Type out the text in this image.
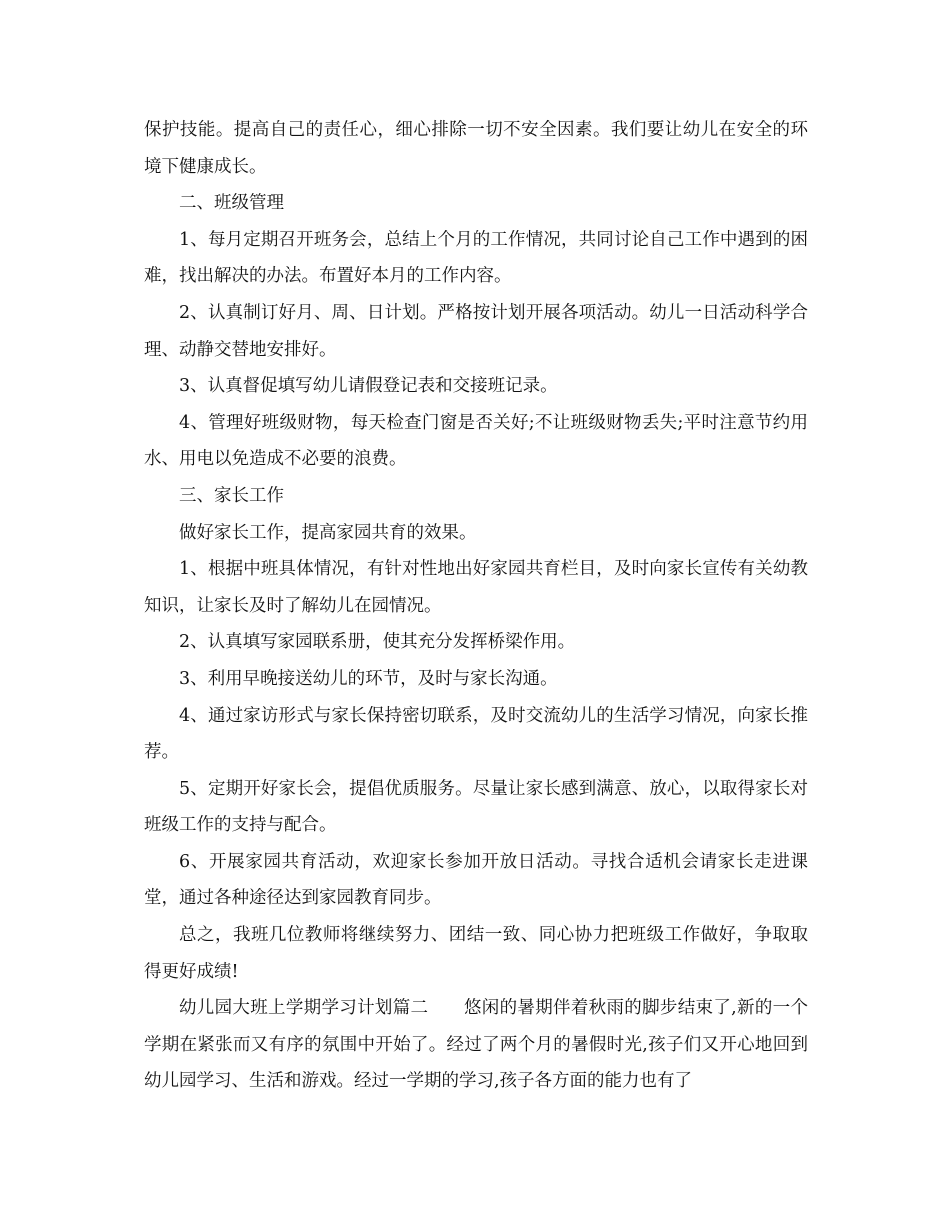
保护技能。提高自己的责任心，细心排除一切不安全因素。我们要让幼儿在安全的环境下健康成长。

二、班级管理

1、每月定期召开班务会，总结上个月的工作情况，共同讨论自己工作中遇到的困难，找出解决的办法。布置好本月的工作内容。

2、认真制订好月、周、日计划。严格按计划开展各项活动。幼儿一日活动科学合理、动静交替地安排好。

3、认真督促填写幼儿请假登记表和交接班记录。

4、管理好班级财物，每天检查门窗是否关好;不让班级财物丢失;平时注意节约用水、用电以免造成不必要的浪费。

三、家长工作

做好家长工作，提高家园共育的效果。

1、根据中班具体情况，有针对性地出好家园共育栏目，及时向家长宣传有关幼教知识，让家长及时了解幼儿在园情况。

2、认真填写家园联系册，使其充分发挥桥梁作用。

3、利用早晚接送幼儿的环节，及时与家长沟通。

4、通过家访形式与家长保持密切联系，及时交流幼儿的生活学习情况，向家长推荐。

5、定期开好家长会，提倡优质服务。尽量让家长感到满意、放心，以取得家长对班级工作的支持与配合。

6、开展家园共育活动，欢迎家长参加开放日活动。寻找合适机会请家长走进课堂，通过各种途径达到家园教育同步。

总之，我班几位教师将继续努力、团结一致、同心协力把班级工作做好，争取取得更好成绩!

幼儿园大班上学期学习计划篇二　　悠闲的暑期伴着秋雨的脚步结束了,新的一个学期在紧张而又有序的氛围中开始了。经过了两个月的暑假时光,孩子们又开心地回到幼儿园学习、生活和游戏。经过一学期的学习,孩子各方面的能力也有了
